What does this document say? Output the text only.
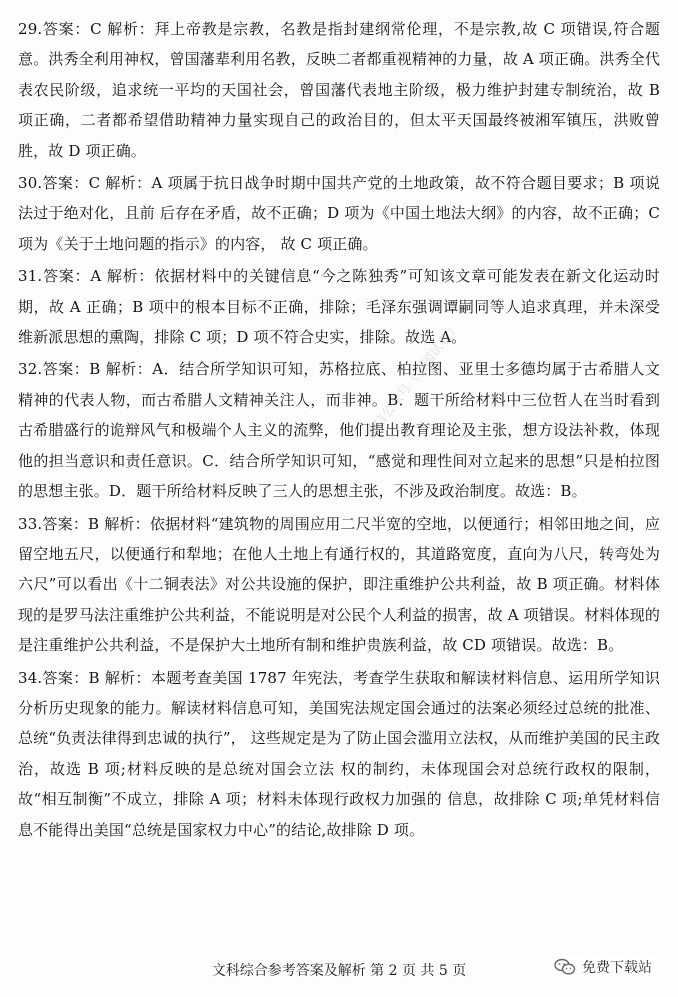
29.答案：C 解析：拜上帝教是宗教，名教是指封建纲常伦理，不是宗教,故 C 项错误,符合题意。洪秀全利用神权，曾国藩辈利用名教，反映二者都重视精神的力量，故 A 项正确。洪秀全代表农民阶级，追求统一平均的天国社会，曾国藩代表地主阶级，极力维护封建专制统治，故 B 项正确，二者都希望借助精神力量实现自己的政治目的，但太平天国最终被湘军镇压，洪败曾胜，故 D 项正确。

30.答案：C 解析：A 项属于抗日战争时期中国共产党的土地政策，故不符合题目要求；B 项说法过于绝对化，且前 后存在矛盾，故不正确；D 项为《中国土地法大纲》的内容，故不正确；C 项为《关于土地问题的指示》的内容， 故 C 项正确。

31.答案：A 解析：依据材料中的关键信息“今之陈独秀”可知该文章可能发表在新文化运动时期，故 A 正确；B 项中的根本目标不正确，排除；毛泽东强调谭嗣同等人追求真理，并未深受维新派思想的熏陶，排除 C 项；D 项不符合史实，排除。故选 A。

32.答案：B 解析：A．结合所学知识可知，苏格拉底、柏拉图、亚里士多德均属于古希腊人文精神的代表人物，而古希腊人文精神关注人，而非神。B．题干所给材料中三位哲人在当时看到古希腊盛行的诡辩风气和极端个人主义的流弊，他们提出教育理论及主张，想方设法补救，体现他的担当意识和责任意识。C．结合所学知识可知，“感觉和理性间对立起来的思想”只是柏拉图的思想主张。D．题干所给材料反映了三人的思想主张，不涉及政治制度。故选：B。

33.答案：B 解析：依据材料“建筑物的周围应用二尺半宽的空地，以便通行；相邻田地之间，应留空地五尺，以便通行和犁地；在他人土地上有通行权的，其道路宽度，直向为八尺，转弯处为六尺”可以看出《十二铜表法》对公共设施的保护，即注重维护公共利益，故 B 项正确。材料体现的是罗马法注重维护公共利益，不能说明是对公民个人利益的损害，故 A 项错误。材料体现的是注重维护公共利益，不是保护大土地所有制和维护贵族利益，故 CD 项错误。故选：B。

34.答案：B 解析：本题考查美国 1787 年宪法，考查学生获取和解读材料信息、运用所学知识分析历史现象的能力。解读材料信息可知，美国宪法规定国会通过的法案必须经过总统的批准、总统“负责法律得到忠诚的执行”， 这些规定是为了防止国会滥用立法权，从而维护美国的民主政治，故选 B 项;材料反映的是总统对国会立法 权的制约，未体现国会对总统行政权的限制，故“相互制衡”不成立，排除 A 项；材料未体现行政权力加强的 信息，故排除 C 项;单凭材料信息不能得出美国“总统是国家权力中心”的结论,故排除 D 项。

微信公众号《全国试卷》
文科综合参考答案及解析 第 2 页 共 5 页	免费下载站
